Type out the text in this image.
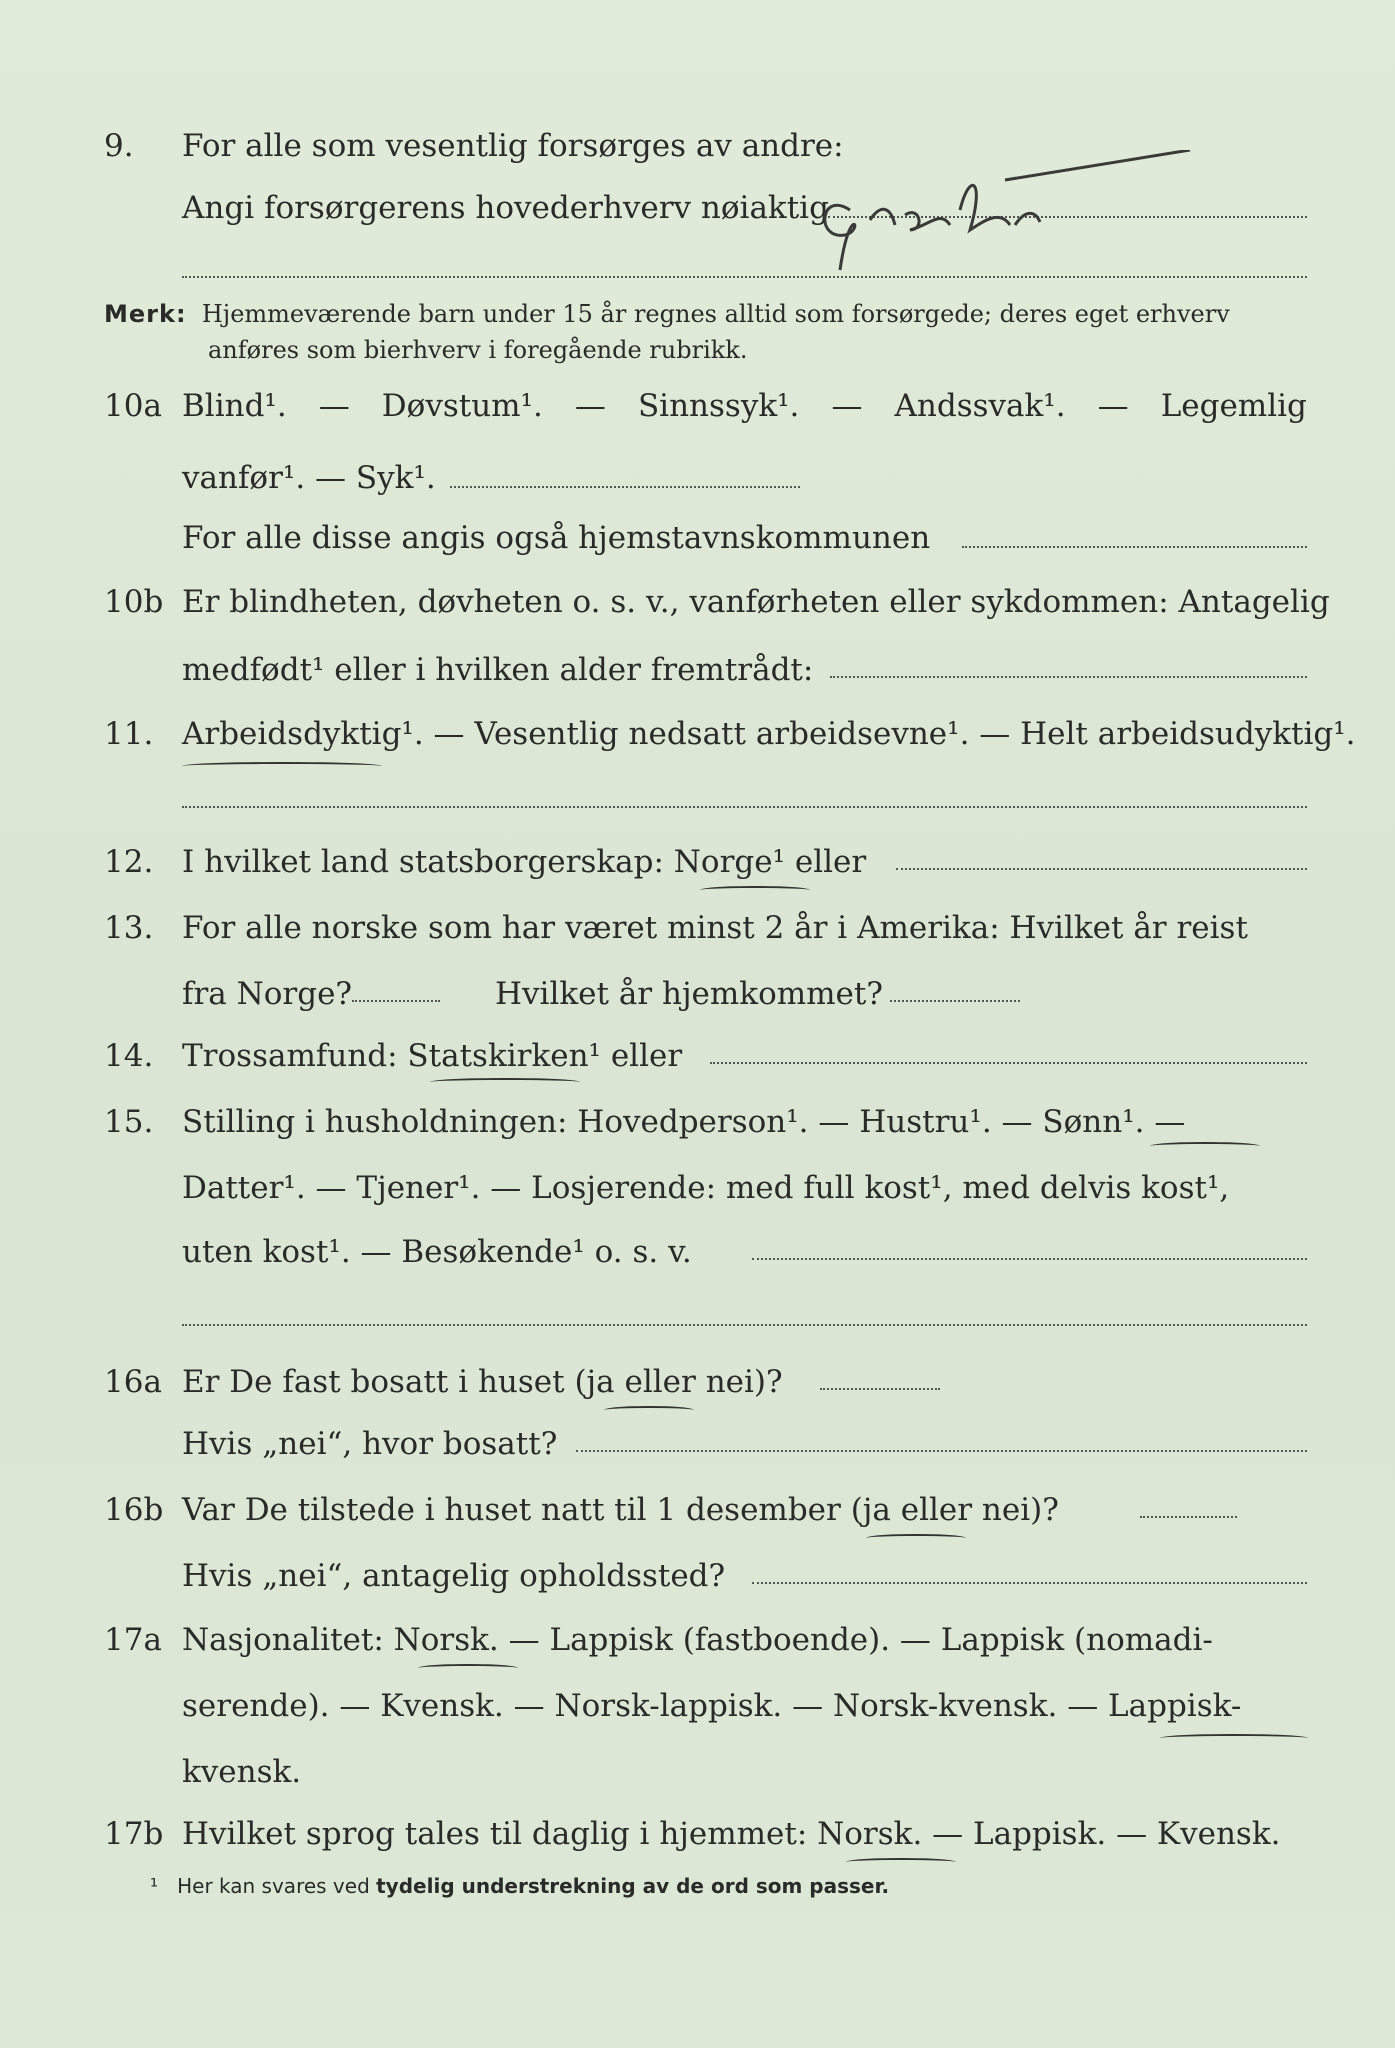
9. For alle som vesentlig forsørges av andre:
Angi forsørgerens hovederhverv nøiaktig
Merk: Hjemmeværende barn under 15 år regnes alltid som forsørgede; deres eget erhverv
anføres som bierhverv i foregående rubrikk.
10a Blind¹. — Døvstum¹. — Sinnssyk¹. — Andssvak¹. — Legemlig
vanfør¹. — Syk¹.
For alle disse angis også hjemstavnskommunen
10b Er blindheten, døvheten o. s. v., vanførheten eller sykdommen: Antagelig
medfødt¹ eller i hvilken alder fremtrådt:
11. Arbeidsdyktig¹. — Vesentlig nedsatt arbeidsevne¹. — Helt arbeidsudyktig¹.
12. I hvilket land statsborgerskap: Norge¹ eller
13. For alle norske som har været minst 2 år i Amerika: Hvilket år reist
fra Norge?	Hvilket år hjemkommet?
14. Trossamfund: Statskirken¹ eller
15. Stilling i husholdningen: Hovedperson¹. — Hustru¹. — Sønn¹. —
Datter¹. — Tjener¹. — Losjerende: med full kost¹, med delvis kost¹,
uten kost¹. — Besøkende¹ o. s. v.
16a Er De fast bosatt i huset (ja eller nei)?
Hvis „nei“, hvor bosatt?
16b Var De tilstede i huset natt til 1 desember (ja eller nei)?
Hvis „nei“, antagelig opholdssted?
17a Nasjonalitet: Norsk. — Lappisk (fastboende). — Lappisk (nomadi-
serende). — Kvensk. — Norsk-lappisk. — Norsk-kvensk. — Lappisk-
kvensk.
17b Hvilket sprog tales til daglig i hjemmet: Norsk. — Lappisk. — Kvensk.
¹ Her kan svares ved tydelig understrekning av de ord som passer.
